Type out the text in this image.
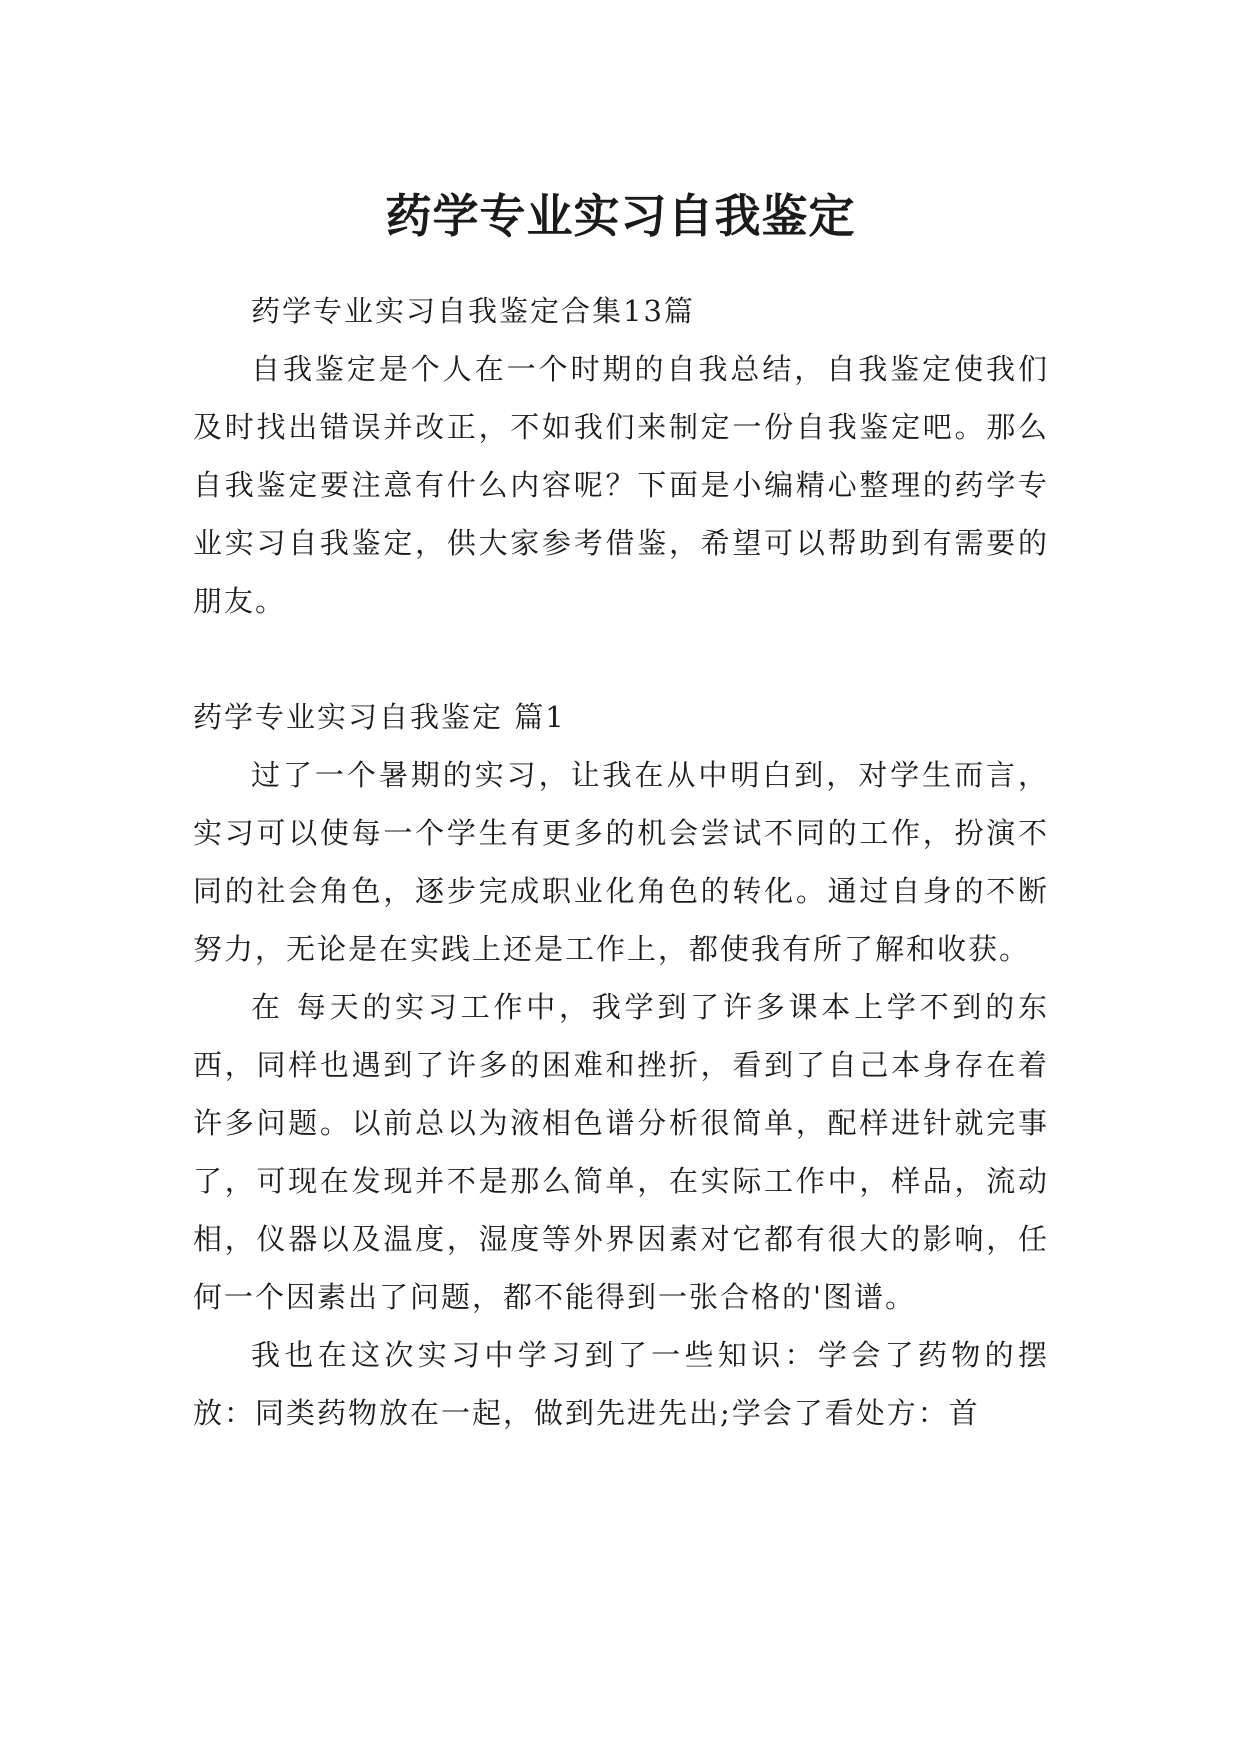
药学专业实习自我鉴定

药学专业实习自我鉴定合集13篇

自我鉴定是个人在一个时期的自我总结，自我鉴定使我们及时找出错误并改正，不如我们来制定一份自我鉴定吧。那么自我鉴定要注意有什么内容呢？下面是小编精心整理的药学专业实习自我鉴定，供大家参考借鉴，希望可以帮助到有需要的朋友。

药学专业实习自我鉴定 篇1

过了一个暑期的实习，让我在从中明白到，对学生而言，实习可以使每一个学生有更多的机会尝试不同的工作，扮演不同的社会角色，逐步完成职业化角色的转化。通过自身的不断努力，无论是在实践上还是工作上，都使我有所了解和收获。

在 每天的实习工作中，我学到了许多课本上学不到的东西，同样也遇到了许多的困难和挫折，看到了自己本身存在着许多问题。以前总以为液相色谱分析很简单，配样进针就完事了，可现在发现并不是那么简单，在实际工作中，样品，流动相，仪器以及温度，湿度等外界因素对它都有很大的影响，任何一个因素出了问题，都不能得到一张合格的'图谱。

我也在这次实习中学习到了一些知识：学会了药物的摆放：同类药物放在一起，做到先进先出;学会了看处方：首
